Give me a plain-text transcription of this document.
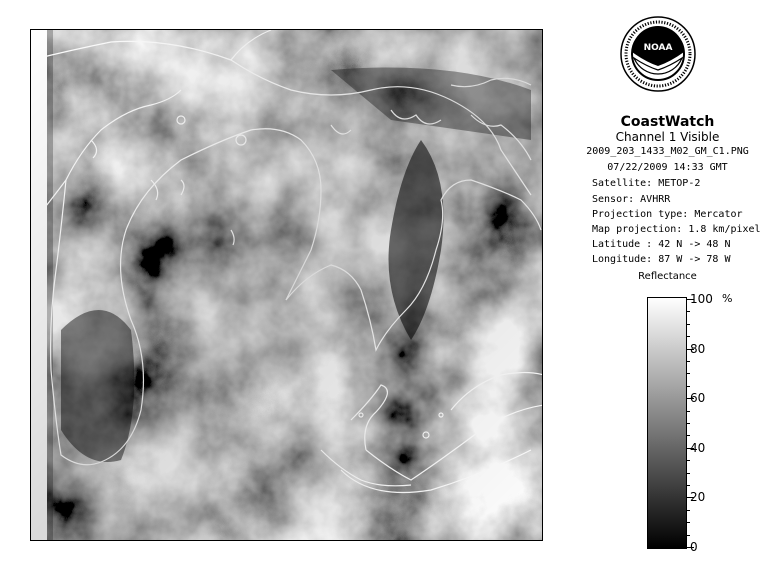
NOAA
CoastWatch
Channel 1 Visible
2009_203_1433_M02_GM_C1.PNG
07/22/2009 14:33 GMT
Satellite: METOP-2
Sensor: AVHRR
Projection type: Mercator
Map projection: 1.8 km/pixel
Latitude : 42 N -> 48 N
Longitude: 87 W -> 78 W
Reflectance
%
100
80
60
40
20
0
